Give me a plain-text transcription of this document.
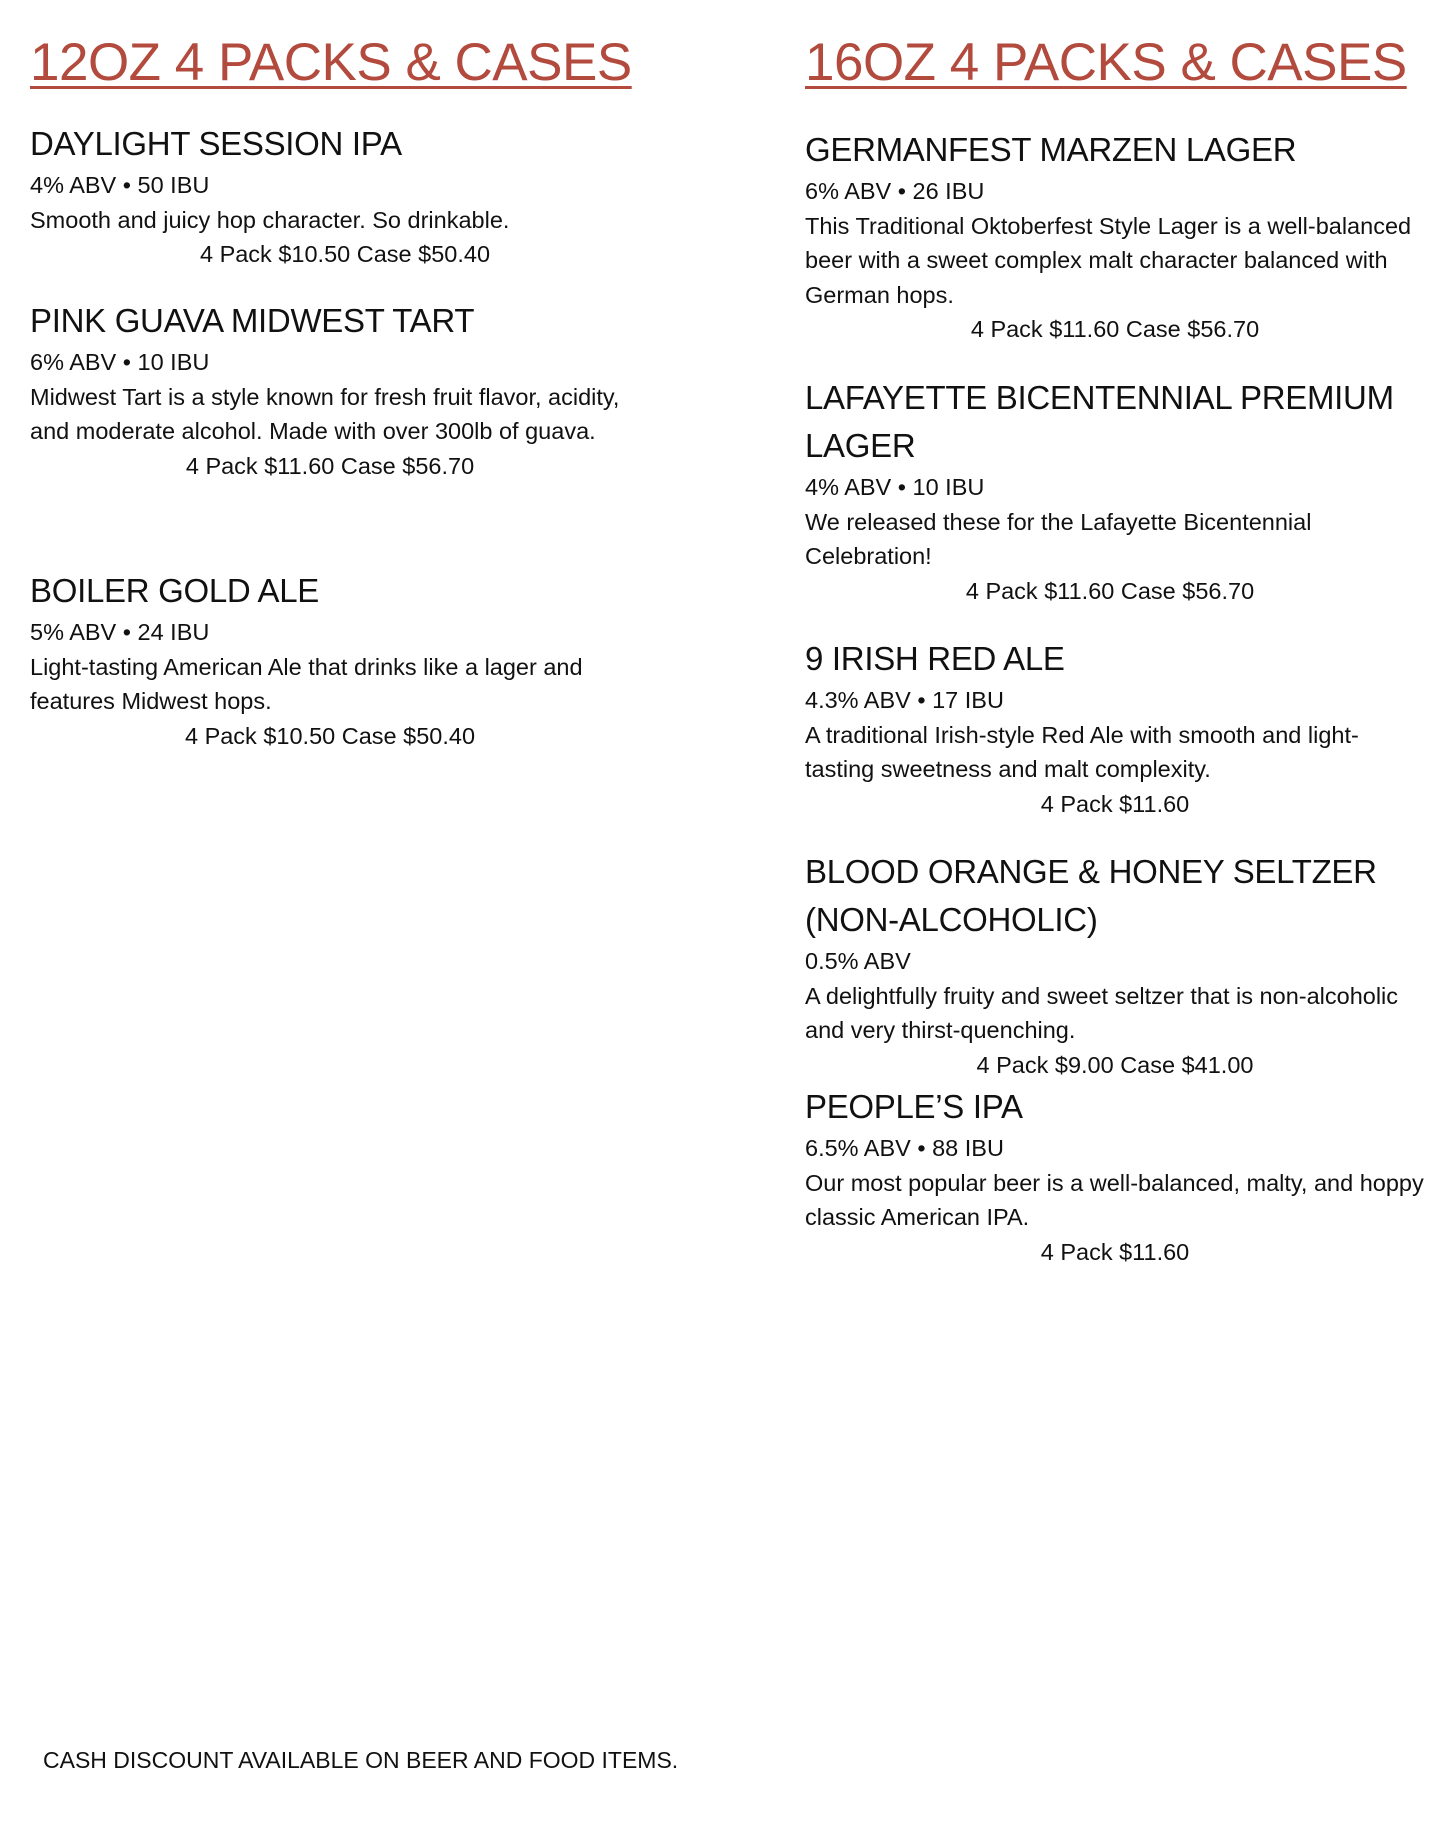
12OZ 4 PACKS & CASES
DAYLIGHT SESSION IPA

4% ABV • 50 IBU

Smooth and juicy hop character. So drinkable.

4 Pack $10.50 Case $50.40

PINK GUAVA MIDWEST TART

6% ABV • 10 IBU

Midwest Tart is a style known for fresh fruit flavor, acidity, and moderate alcohol. Made with over 300lb of guava.

4 Pack $11.60 Case $56.70

BOILER GOLD ALE

5% ABV • 24 IBU

Light-tasting American Ale that drinks like a lager and features Midwest hops.

4 Pack $10.50 Case $50.40

16OZ 4 PACKS & CASES
GERMANFEST MARZEN LAGER

6% ABV • 26 IBU

This Traditional Oktoberfest Style Lager is a well-balanced beer with a sweet complex malt character balanced with German hops.

4 Pack $11.60 Case $56.70

LAFAYETTE BICENTENNIAL PREMIUM LAGER

4% ABV • 10 IBU

We released these for the Lafayette Bicentennial Celebration!

4 Pack $11.60 Case $56.70

9 IRISH RED ALE

4.3% ABV • 17 IBU

A traditional Irish-style Red Ale with smooth and light-tasting sweetness and malt complexity.

4 Pack $11.60

BLOOD ORANGE & HONEY SELTZER (NON-ALCOHOLIC)

0.5% ABV

A delightfully fruity and sweet seltzer that is non-alcoholic and very thirst-quenching.

4 Pack $9.00 Case $41.00

PEOPLE’S IPA

6.5% ABV • 88 IBU

Our most popular beer is a well-balanced, malty, and hoppy classic American IPA.

4 Pack $11.60

CASH DISCOUNT AVAILABLE ON BEER AND FOOD ITEMS.
